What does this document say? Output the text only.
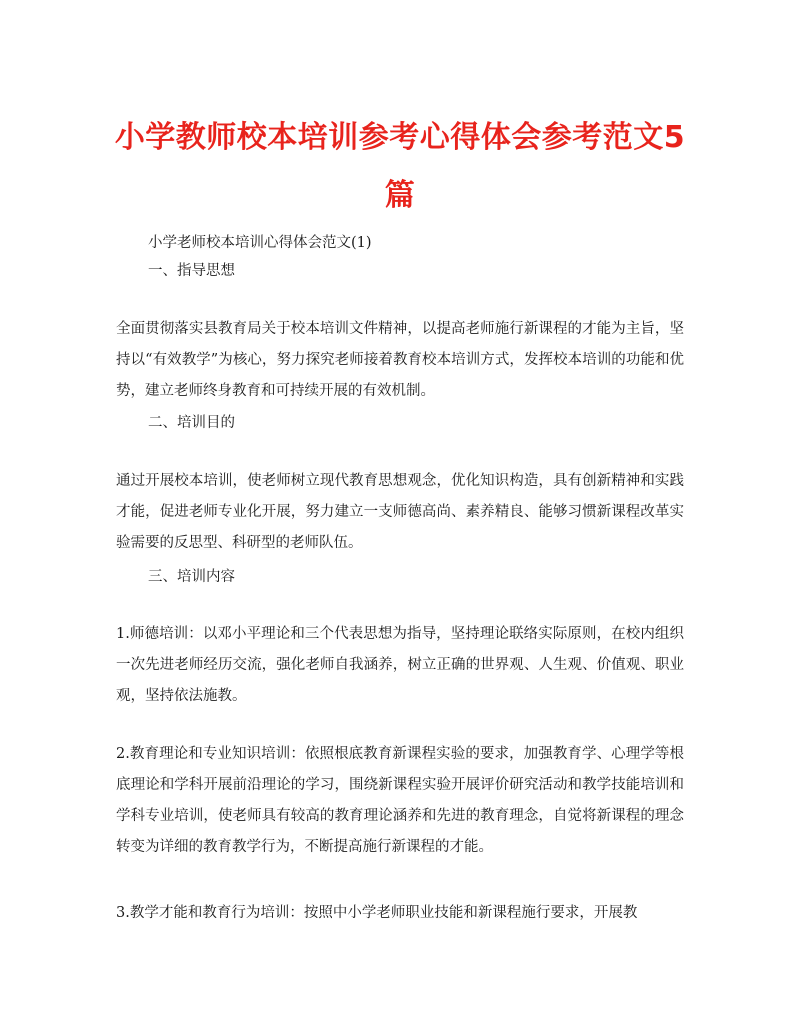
小学教师校本培训参考心得体会参考范文5
篇

小学老师校本培训心得体会范文(1)

一、指导思想

全面贯彻落实县教育局关于校本培训文件精神，以提高老师施行新课程的才能为主旨，坚持以“有效教学”为核心，努力探究老师接着教育校本培训方式，发挥校本培训的功能和优势，建立老师终身教育和可持续开展的有效机制。

二、培训目的

通过开展校本培训，使老师树立现代教育思想观念，优化知识构造，具有创新精神和实践才能，促进老师专业化开展，努力建立一支师德高尚、素养精良、能够习惯新课程改革实验需要的反思型、科研型的老师队伍。

三、培训内容

1.师德培训：以邓小平理论和三个代表思想为指导，坚持理论联络实际原则，在校内组织一次先进老师经历交流，强化老师自我涵养，树立正确的世界观、人生观、价值观、职业观，坚持依法施教。

2.教育理论和专业知识培训：依照根底教育新课程实验的要求，加强教育学、心理学等根底理论和学科开展前沿理论的学习，围绕新课程实验开展评价研究活动和教学技能培训和学科专业培训，使老师具有较高的教育理论涵养和先进的教育理念，自觉将新课程的理念转变为详细的教育教学行为，不断提高施行新课程的才能。

3.教学才能和教育行为培训：按照中小学老师职业技能和新课程施行要求，开展教
